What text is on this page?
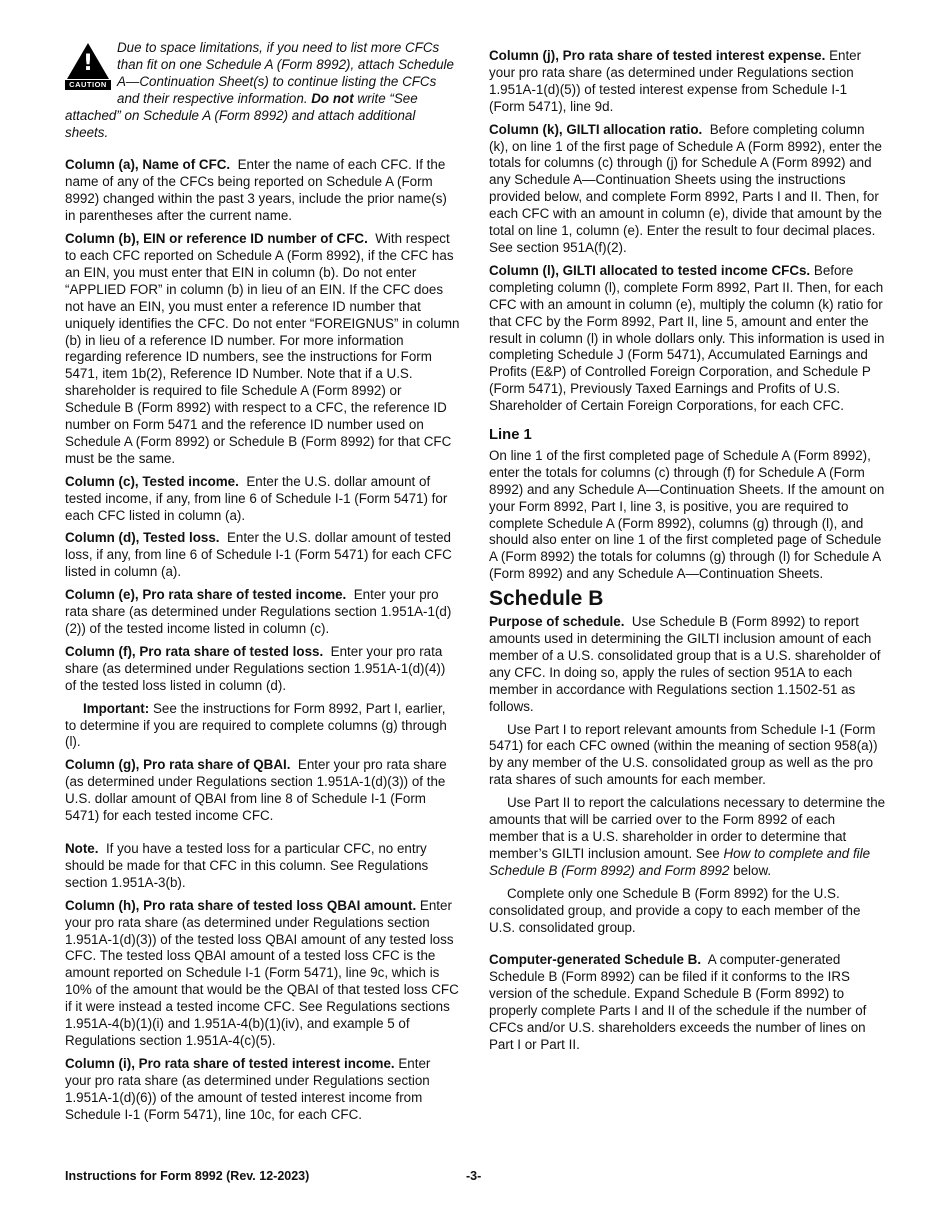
!
CAUTION
Due to space limitations, if you need to list more CFCs than fit on one Schedule A (Form 8992), attach Schedule A—Continuation Sheet(s) to continue listing the CFCs and their respective information. Do not write “See attached” on Schedule A (Form 8992) and attach additional sheets.

Column (a), Name of CFC. Enter the name of each CFC. If the name of any of the CFCs being reported on Schedule A (Form 8992) changed within the past 3 years, include the prior name(s) in parentheses after the current name.

Column (b), EIN or reference ID number of CFC. With respect to each CFC reported on Schedule A (Form 8992), if the CFC has an EIN, you must enter that EIN in column (b). Do not enter “APPLIED FOR” in column (b) in lieu of an EIN. If the CFC does not have an EIN, you must enter a reference ID number that uniquely identifies the CFC. Do not enter “FOREIGNUS” in column (b) in lieu of a reference ID number. For more information regarding reference ID numbers, see the instructions for Form 5471, item 1b(2), Reference ID Number. Note that if a U.S. shareholder is required to file Schedule A (Form 8992) or Schedule B (Form 8992) with respect to a CFC, the reference ID number on Form 5471 and the reference ID number used on Schedule A (Form 8992) or Schedule B (Form 8992) for that CFC must be the same.

Column (c), Tested income. Enter the U.S. dollar amount of tested income, if any, from line 6 of Schedule I-1 (Form 5471) for each CFC listed in column (a).

Column (d), Tested loss. Enter the U.S. dollar amount of tested loss, if any, from line 6 of Schedule I-1 (Form 5471) for each CFC listed in column (a).

Column (e), Pro rata share of tested income. Enter your pro rata share (as determined under Regulations section 1.951A-1(d)(2)) of the tested income listed in column (c).

Column (f), Pro rata share of tested loss. Enter your pro rata share (as determined under Regulations section 1.951A-1(d)(4)) of the tested loss listed in column (d).

Important: See the instructions for Form 8992, Part I, earlier, to determine if you are required to complete columns (g) through (l).

Column (g), Pro rata share of QBAI. Enter your pro rata share (as determined under Regulations section 1.951A-1(d)(3)) of the U.S. dollar amount of QBAI from line 8 of Schedule I-1 (Form 5471) for each tested income CFC.

Note. If you have a tested loss for a particular CFC, no entry should be made for that CFC in this column. See Regulations section 1.951A-3(b).

Column (h), Pro rata share of tested loss QBAI amount. Enter your pro rata share (as determined under Regulations section 1.951A-1(d)(3)) of the tested loss QBAI amount of any tested loss CFC. The tested loss QBAI amount of a tested loss CFC is the amount reported on Schedule I-1 (Form 5471), line 9c, which is 10% of the amount that would be the QBAI of that tested loss CFC if it were instead a tested income CFC. See Regulations sections 1.951A-4(b)(1)(i) and 1.951A-4(b)(1)(iv), and example 5 of Regulations section 1.951A-4(c)(5).

Column (i), Pro rata share of tested interest income. Enter your pro rata share (as determined under Regulations section 1.951A-1(d)(6)) of the amount of tested interest income from Schedule I-1 (Form 5471), line 10c, for each CFC.

Column (j), Pro rata share of tested interest expense. Enter your pro rata share (as determined under Regulations section 1.951A-1(d)(5)) of tested interest expense from Schedule I-1 (Form 5471), line 9d.

Column (k), GILTI allocation ratio. Before completing column (k), on line 1 of the first page of Schedule A (Form 8992), enter the totals for columns (c) through (j) for Schedule A (Form 8992) and any Schedule A—Continuation Sheets using the instructions provided below, and complete Form 8992, Parts I and II. Then, for each CFC with an amount in column (e), divide that amount by the total on line 1, column (e). Enter the result to four decimal places. See section 951A(f)(2).

Column (l), GILTI allocated to tested income CFCs. Before completing column (l), complete Form 8992, Part II. Then, for each CFC with an amount in column (e), multiply the column (k) ratio for that CFC by the Form 8992, Part II, line 5, amount and enter the result in column (l) in whole dollars only. This information is used in completing Schedule J (Form 5471), Accumulated Earnings and Profits (E&P) of Controlled Foreign Corporation, and Schedule P (Form 5471), Previously Taxed Earnings and Profits of U.S. Shareholder of Certain Foreign Corporations, for each CFC.

Line 1

On line 1 of the first completed page of Schedule A (Form 8992), enter the totals for columns (c) through (f) for Schedule A (Form 8992) and any Schedule A—Continuation Sheets. If the amount on your Form 8992, Part I, line 3, is positive, you are required to complete Schedule A (Form 8992), columns (g) through (l), and should also enter on line 1 of the first completed page of Schedule A (Form 8992) the totals for columns (g) through (l) for Schedule A (Form 8992) and any Schedule A—Continuation Sheets.

Schedule B

Purpose of schedule. Use Schedule B (Form 8992) to report amounts used in determining the GILTI inclusion amount of each member of a U.S. consolidated group that is a U.S. shareholder of any CFC. In doing so, apply the rules of section 951A to each member in accordance with Regulations section 1.1502-51 as follows.

Use Part I to report relevant amounts from Schedule I-1 (Form 5471) for each CFC owned (within the meaning of section 958(a)) by any member of the U.S. consolidated group as well as the pro rata shares of such amounts for each member.

Use Part II to report the calculations necessary to determine the amounts that will be carried over to the Form 8992 of each member that is a U.S. shareholder in order to determine that member’s GILTI inclusion amount. See How to complete and file Schedule B (Form 8992) and Form 8992 below.

Complete only one Schedule B (Form 8992) for the U.S. consolidated group, and provide a copy to each member of the U.S. consolidated group.

Computer-generated Schedule B. A computer-generated Schedule B (Form 8992) can be filed if it conforms to the IRS version of the schedule. Expand Schedule B (Form 8992) to properly complete Parts I and II of the schedule if the number of CFCs and/or U.S. shareholders exceeds the number of lines on Part I or Part II.

Instructions for Form 8992 (Rev. 12-2023)	-3-
